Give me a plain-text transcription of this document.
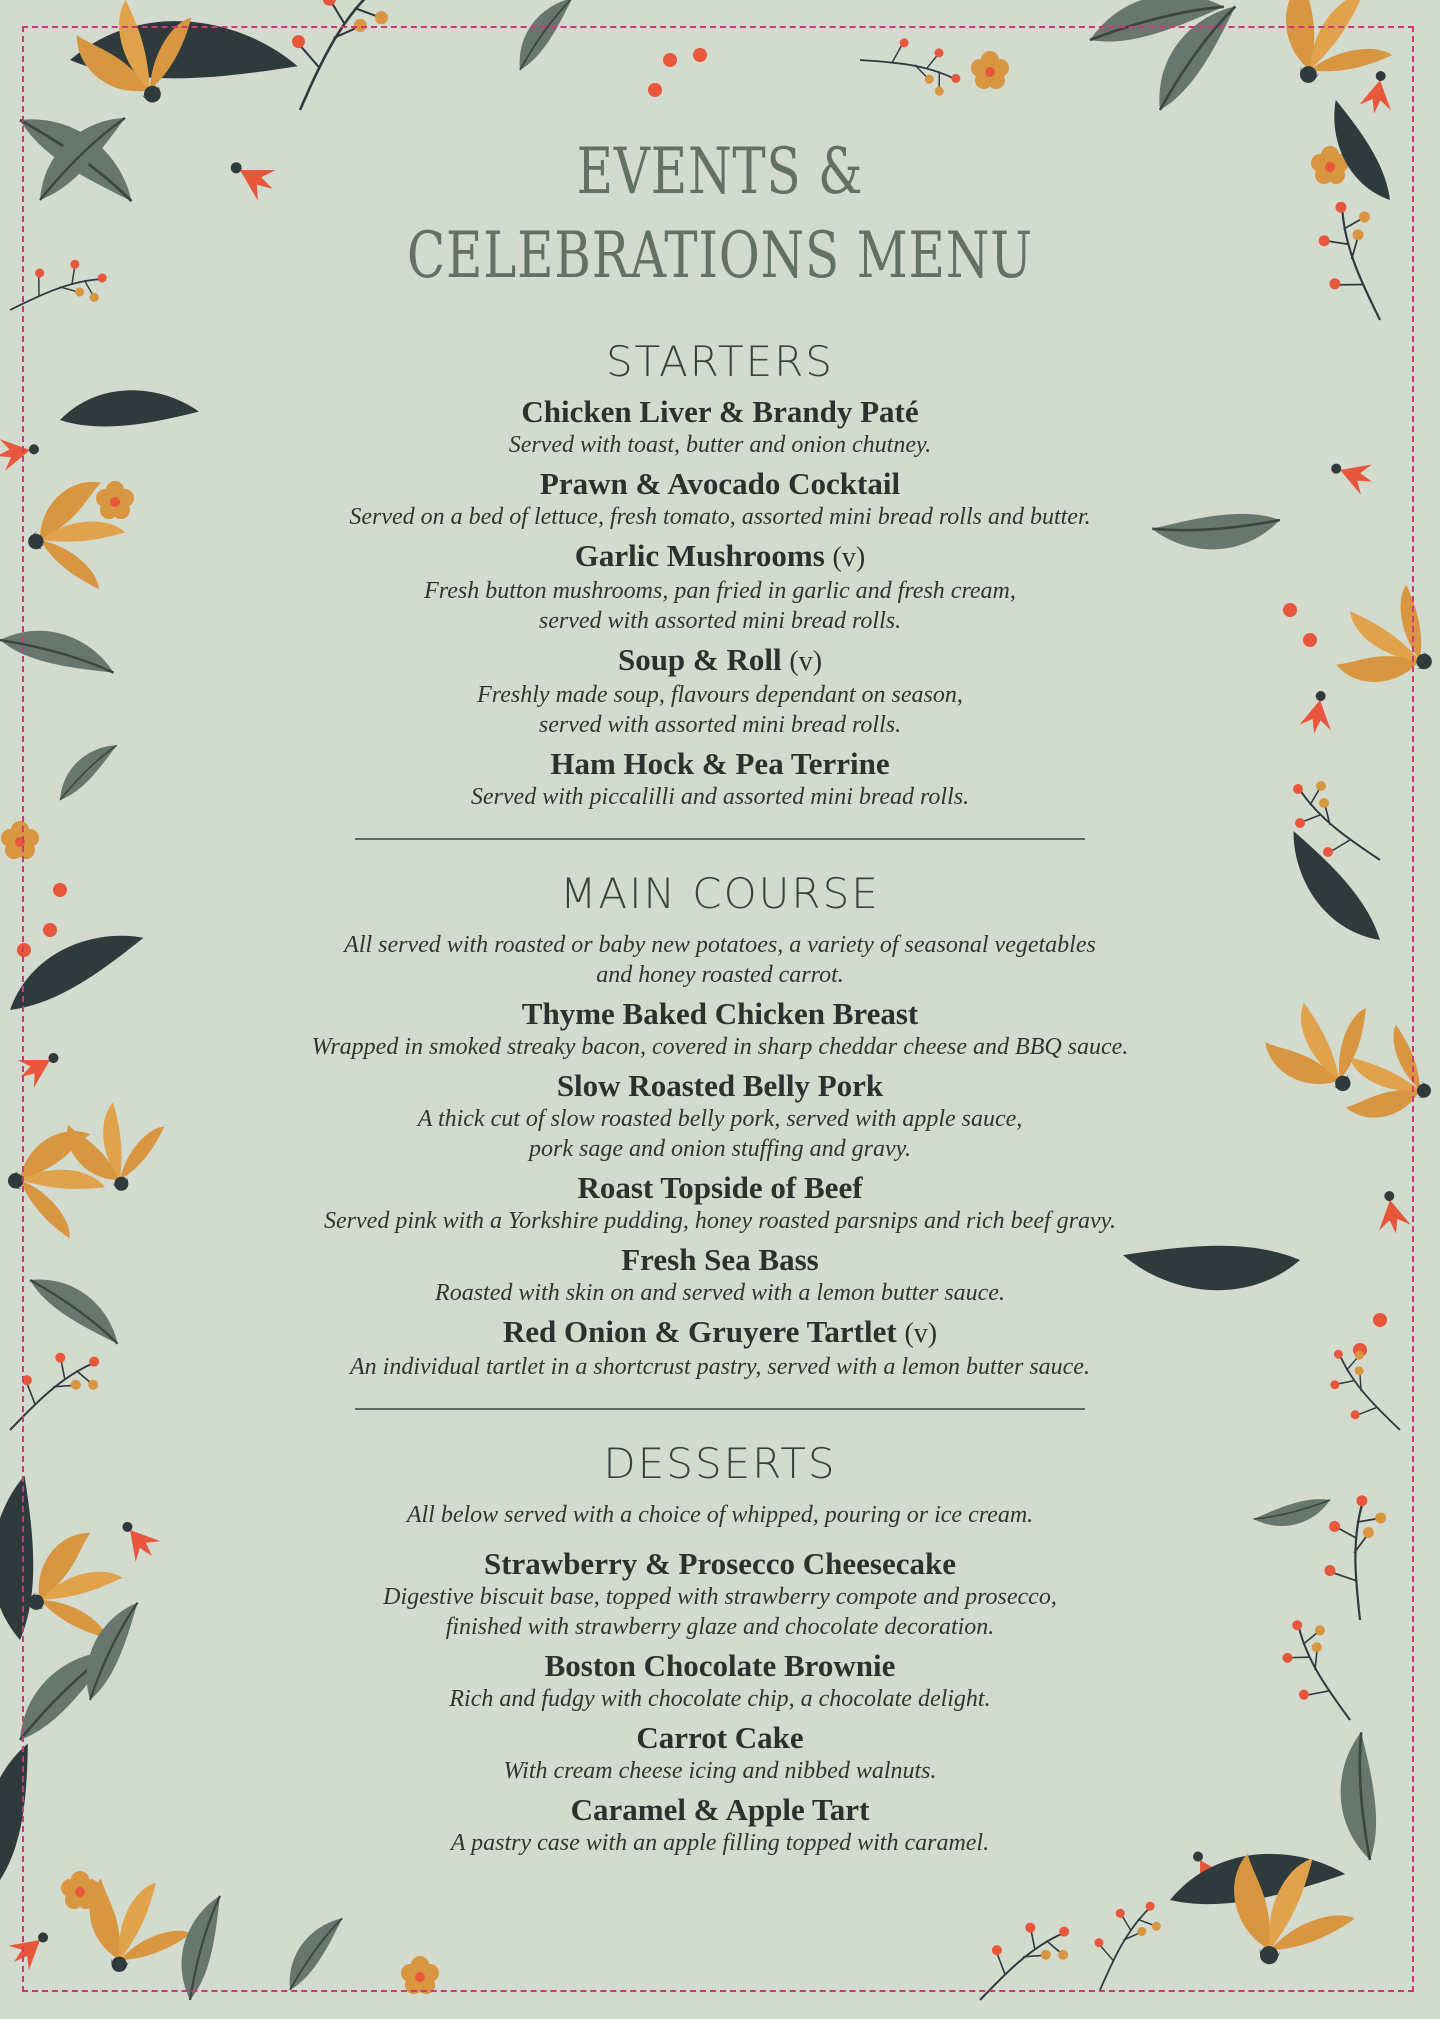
EVENTS &
CELEBRATIONS MENU
STARTERS

Chicken Liver & Brandy Paté

Served with toast, butter and onion chutney.

Prawn & Avocado Cocktail

Served on a bed of lettuce, fresh tomato, assorted mini bread rolls and butter.

Garlic Mushrooms (v)

Fresh button mushrooms, pan fried in garlic and fresh cream,
served with assorted mini bread rolls.

Soup & Roll (v)

Freshly made soup, flavours dependant on season,
served with assorted mini bread rolls.

Ham Hock & Pea Terrine

Served with piccalilli and assorted mini bread rolls.

MAIN COURSE

All served with roasted or baby new potatoes, a variety of seasonal vegetables
and honey roasted carrot.

Thyme Baked Chicken Breast

Wrapped in smoked streaky bacon, covered in sharp cheddar cheese and BBQ sauce.

Slow Roasted Belly Pork

A thick cut of slow roasted belly pork, served with apple sauce,
pork sage and onion stuffing and gravy.

Roast Topside of Beef

Served pink with a Yorkshire pudding, honey roasted parsnips and rich beef gravy.

Fresh Sea Bass

Roasted with skin on and served with a lemon butter sauce.

Red Onion & Gruyere Tartlet (v)

An individual tartlet in a shortcrust pastry, served with a lemon butter sauce.

DESSERTS

All below served with a choice of whipped, pouring or ice cream.

Strawberry & Prosecco Cheesecake

Digestive biscuit base, topped with strawberry compote and prosecco,
finished with strawberry glaze and chocolate decoration.

Boston Chocolate Brownie

Rich and fudgy with chocolate chip, a chocolate delight.

Carrot Cake

With cream cheese icing and nibbed walnuts.

Caramel & Apple Tart

A pastry case with an apple filling topped with caramel.
